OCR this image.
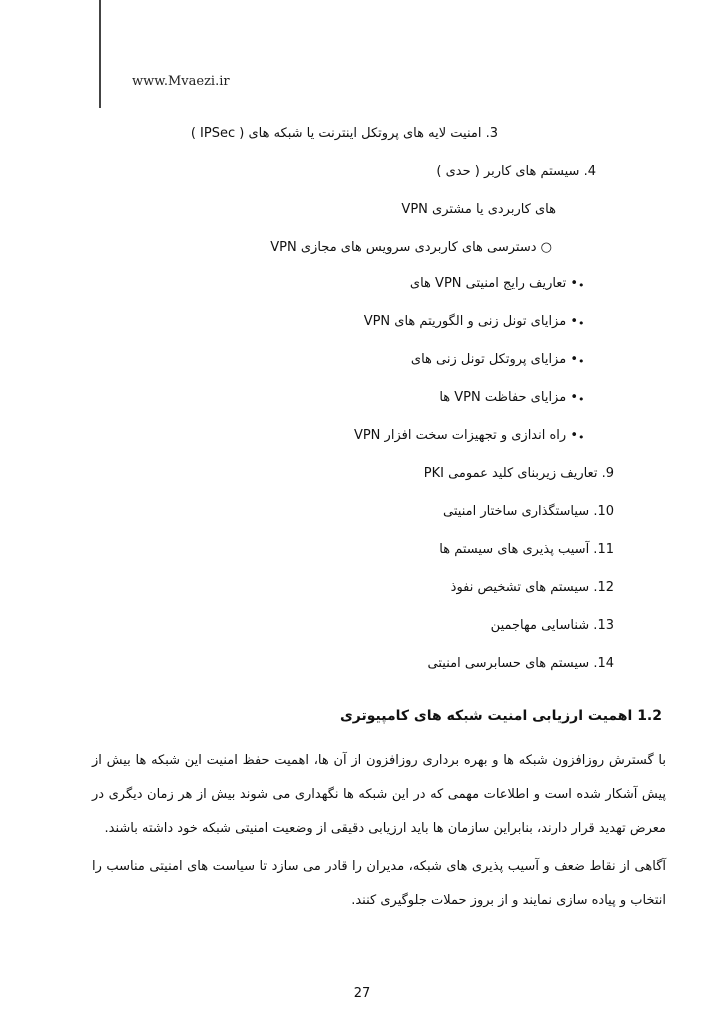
www.Mvaezi.ir
3. امنیت لایه های پروتکل اینترنت یا شبکه های ( IPSec )
4. سیستم های کاربر ( حدی )
VPN های کاربردی یا مشتری
○ دسترسی های کاربردی سرویس های مجازی VPN
•
• تعاریف رایج امنیتی VPN های
•
• مزایای تونل زنی و الگوریتم های VPN
•
• مزایای پروتکل تونل زنی های
•
• مزایای حفاظت VPN ها
•
• راه اندازی و تجهیزات سخت افزار VPN
9. تعاریف زیربنای کلید عمومی PKI
10. سیاستگذاری ساختار امنیتی
11. آسیب پذیری های سیستم ها
12. سیستم های تشخیص نفوذ
13. شناسایی مهاجمین
14. سیستم های حسابرسی امنیتی
1.2 اهمیت ارزیابی امنیت شبکه های کامپیوتری

با گسترش روزافزون شبکه ها و بهره برداری روزافزون از آن ها، اهمیت حفظ امنیت این شبکه ها بیش از پیش آشکار شده است و اطلاعات مهمی که در این شبکه ها نگهداری می شوند بیش از هر زمان دیگری در معرض تهدید قرار دارند، بنابراین سازمان ها باید ارزیابی دقیقی از وضعیت امنیتی شبکه خود داشته باشند.

آگاهی از نقاط ضعف و آسیب پذیری های شبکه، مدیران را قادر می سازد تا سیاست های امنیتی مناسب را انتخاب و پیاده سازی نمایند و از بروز حملات جلوگیری کنند.

27
